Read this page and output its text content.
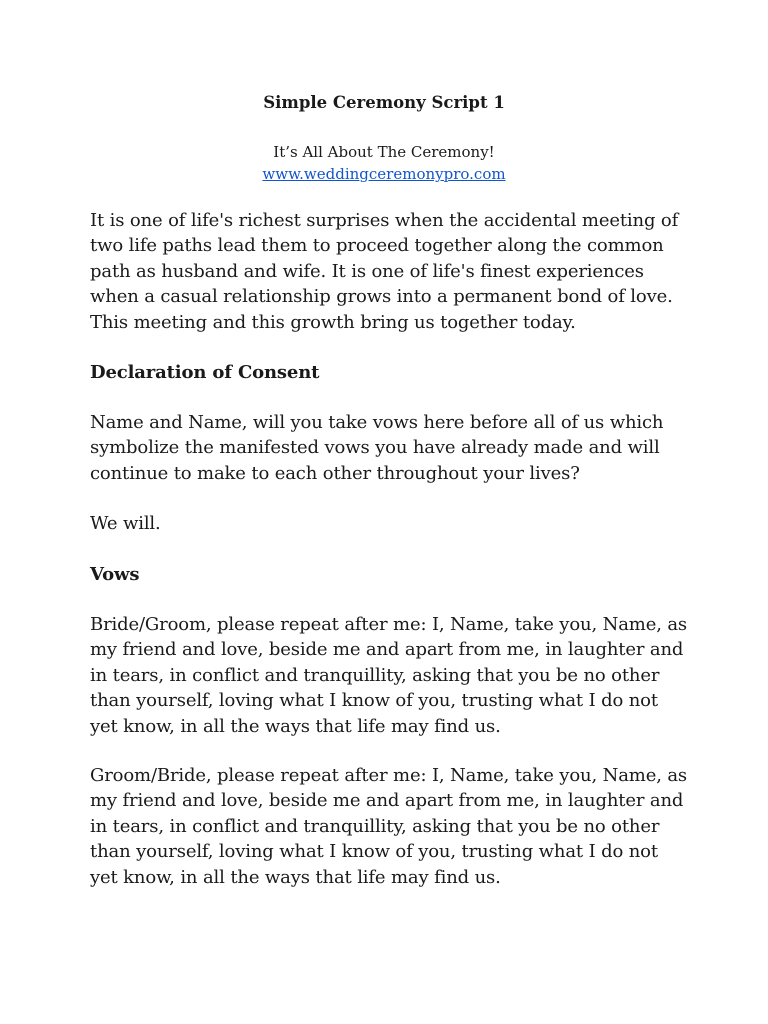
Simple Ceremony Script 1
It’s All About The Ceremony!
www.weddingceremonypro.com

It is one of life's richest surprises when the accidental meeting of two life paths lead them to proceed together along the common path as husband and wife. It is one of life's finest experiences when a casual relationship grows into a permanent bond of love. This meeting and this growth bring us together today.

Declaration of Consent

Name and Name, will you take vows here before all of us which symbolize the manifested vows you have already made and will continue to make to each other throughout your lives?

We will.

Vows

Bride/Groom, please repeat after me: I, Name, take you, Name, as my friend and love, beside me and apart from me, in laughter and in tears, in conflict and tranquillity, asking that you be no other than yourself, loving what I know of you, trusting what I do not yet know, in all the ways that life may find us.

Groom/Bride, please repeat after me: I, Name, take you, Name, as my friend and love, beside me and apart from me, in laughter and in tears, in conflict and tranquillity, asking that you be no other than yourself, loving what I know of you, trusting what I do not yet know, in all the ways that life may find us.
